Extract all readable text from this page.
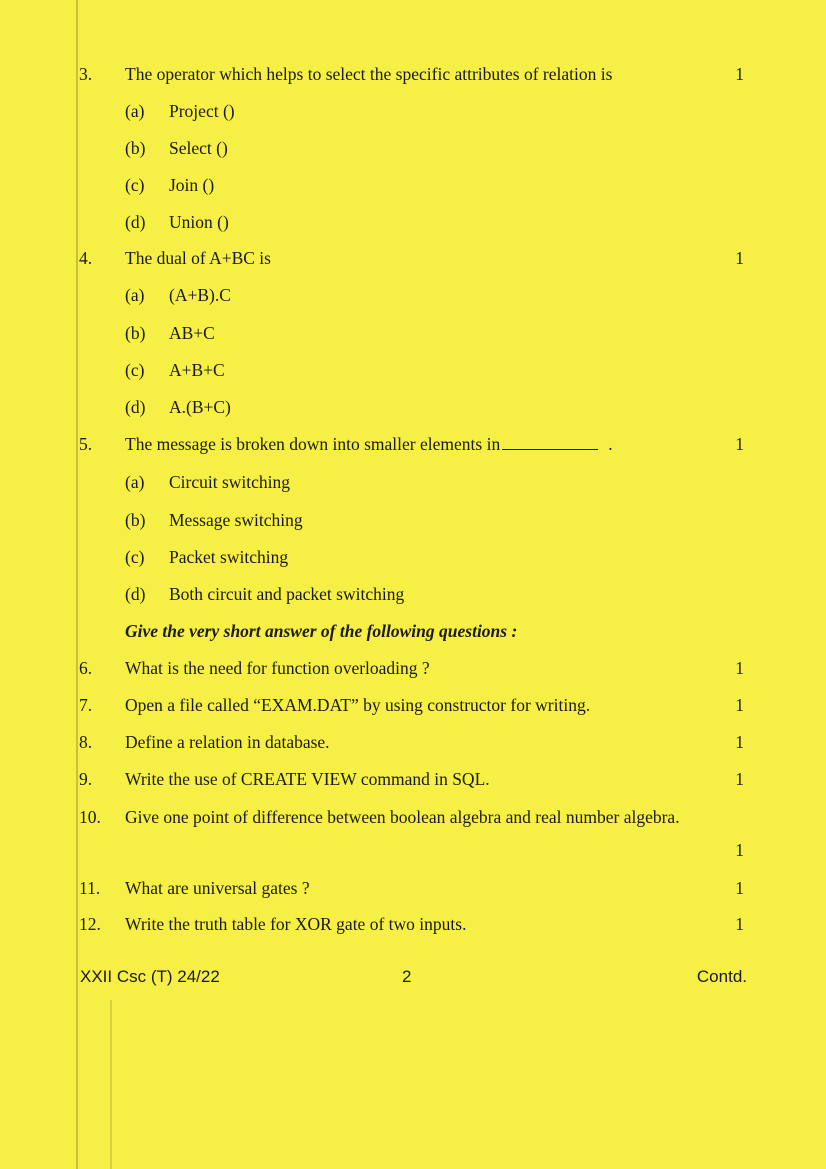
3. The operator which helps to select the specific attributes of relation is	1
(a) Project ()
(b) Select ()
(c) Join ()
(d) Union ()
4. The dual of A+BC is	1
(a) (A+B).C
(b) AB+C
(c) A+B+C
(d) A.(B+C)
5. The message is broken down into smaller elements in	.	1
(a) Circuit switching
(b) Message switching
(c) Packet switching
(d) Both circuit and packet switching
Give the very short answer of the following questions :
6. What is the need for function overloading ?	1
7. Open a file called “EXAM.DAT” by using constructor for writing.	1
8. Define a relation in database.	1
9. Write the use of CREATE VIEW command in SQL.	1
10. Give one point of difference between boolean algebra and real number algebra.
1
11. What are universal gates ?	1
12. Write the truth table for XOR gate of two inputs.	1
XXII Csc (T) 24/22	2	Contd.
